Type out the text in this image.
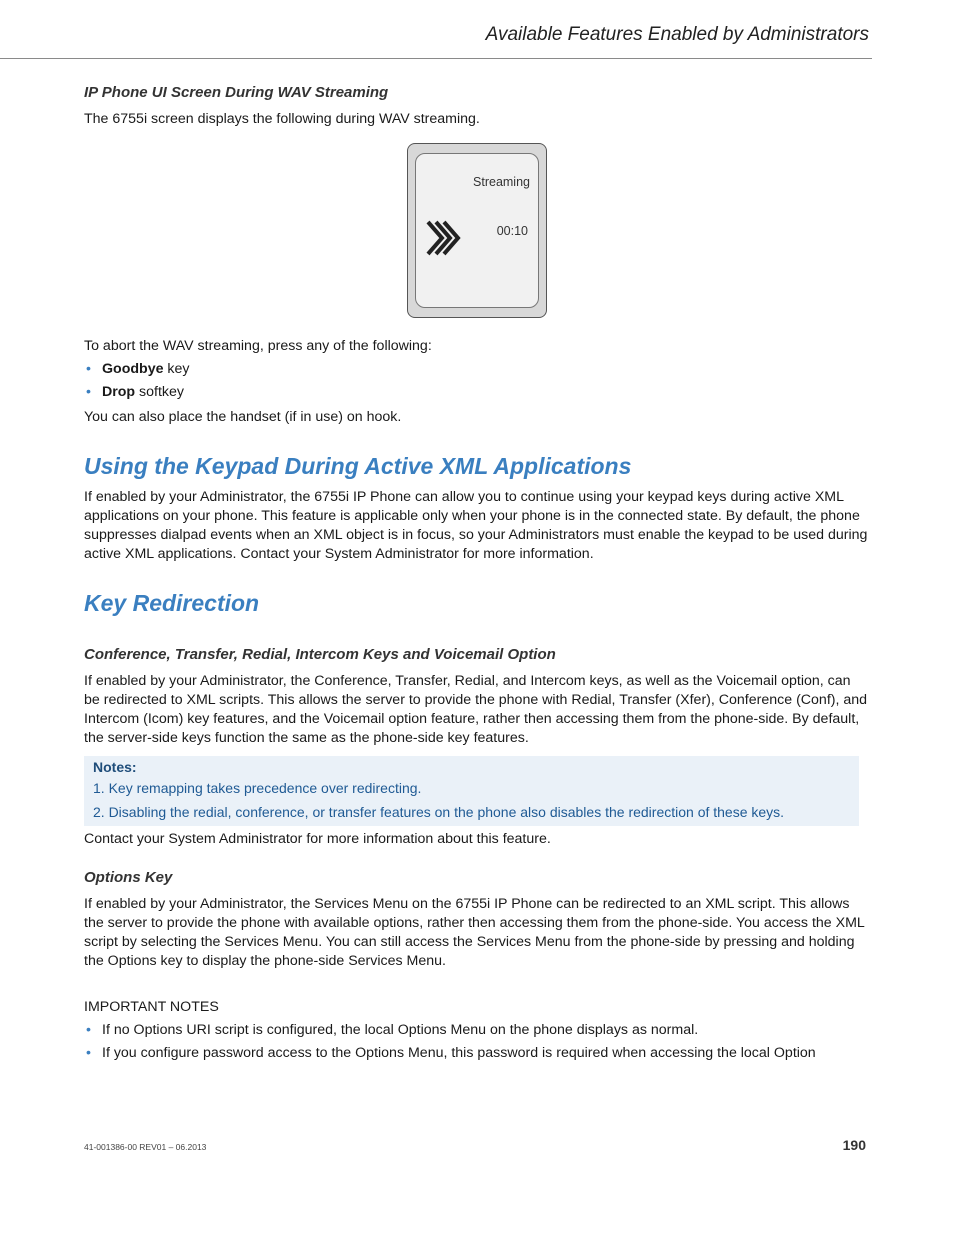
Available Features Enabled by Administrators
IP Phone UI Screen During WAV Streaming
The 6755i screen displays the following during WAV streaming.
Streaming
00:10
To abort the WAV streaming, press any of the following:
• Goodbye key
• Drop softkey
You can also place the handset (if in use) on hook.
Using the Keypad During Active XML Applications
If enabled by your Administrator, the 6755i IP Phone can allow you to continue using your keypad keys during active XML applications on your phone. This feature is applicable only when your phone is in the connected state. By default, the phone suppresses dialpad events when an XML object is in focus, so your Administrators must enable the keypad to be used during active XML applications. Contact your System Administrator for more information.
Key Redirection
Conference, Transfer, Redial, Intercom Keys and Voicemail Option
If enabled by your Administrator, the Conference, Transfer, Redial, and Intercom keys, as well as the Voicemail option, can be redirected to XML scripts. This allows the server to provide the phone with Redial, Transfer (Xfer), Conference (Conf), and Intercom (Icom) key features, and the Voicemail option feature, rather then accessing them from the phone-side. By default, the server-side keys function the same as the phone-side key features.
Notes:
1. Key remapping takes precedence over redirecting.
2. Disabling the redial, conference, or transfer features on the phone also disables the redirection of these keys.
Contact your System Administrator for more information about this feature.
Options Key
If enabled by your Administrator, the Services Menu on the 6755i IP Phone can be redirected to an XML script. This allows the server to provide the phone with available options, rather then accessing them from the phone-side. You access the XML script by selecting the Services Menu. You can still access the Services Menu from the phone-side by pressing and holding the Options key to display the phone-side Services Menu.
IMPORTANT NOTES
• If no Options URI script is configured, the local Options Menu on the phone displays as normal.
• If you configure password access to the Options Menu, this password is required when accessing the local Option
41-001386-00 REV01 – 06.2013	190
